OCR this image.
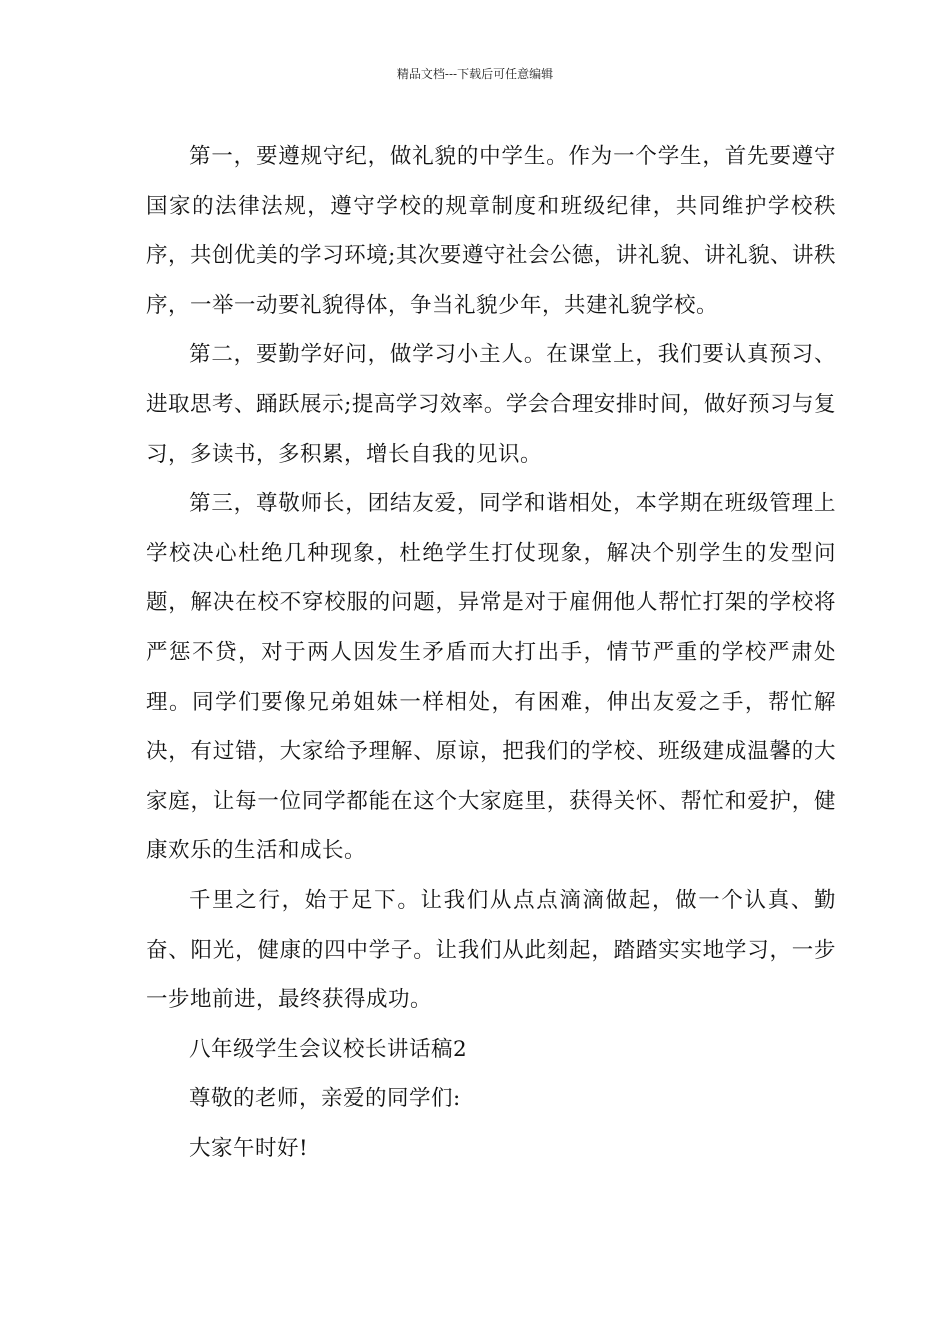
精品文档---下载后可任意编辑

第一，要遵规守纪，做礼貌的中学生。作为一个学生，首先要遵守国家的法律法规，遵守学校的规章制度和班级纪律，共同维护学校秩序，共创优美的学习环境;其次要遵守社会公德，讲礼貌、讲礼貌、讲秩序，一举一动要礼貌得体，争当礼貌少年，共建礼貌学校。

第二，要勤学好问，做学习小主人。在课堂上，我们要认真预习、进取思考、踊跃展示;提高学习效率。学会合理安排时间，做好预习与复习，多读书，多积累，增长自我的见识。

第三，尊敬师长，团结友爱，同学和谐相处，本学期在班级管理上学校决心杜绝几种现象，杜绝学生打仗现象，解决个别学生的发型问题，解决在校不穿校服的问题，异常是对于雇佣他人帮忙打架的学校将严惩不贷，对于两人因发生矛盾而大打出手，情节严重的学校严肃处理。同学们要像兄弟姐妹一样相处，有困难，伸出友爱之手，帮忙解决，有过错，大家给予理解、原谅，把我们的学校、班级建成温馨的大家庭，让每一位同学都能在这个大家庭里，获得关怀、帮忙和爱护，健康欢乐的生活和成长。

千里之行，始于足下。让我们从点点滴滴做起，做一个认真、勤奋、阳光，健康的四中学子。让我们从此刻起，踏踏实实地学习，一步一步地前进，最终获得成功。

八年级学生会议校长讲话稿2

尊敬的老师，亲爱的同学们:

大家午时好!
